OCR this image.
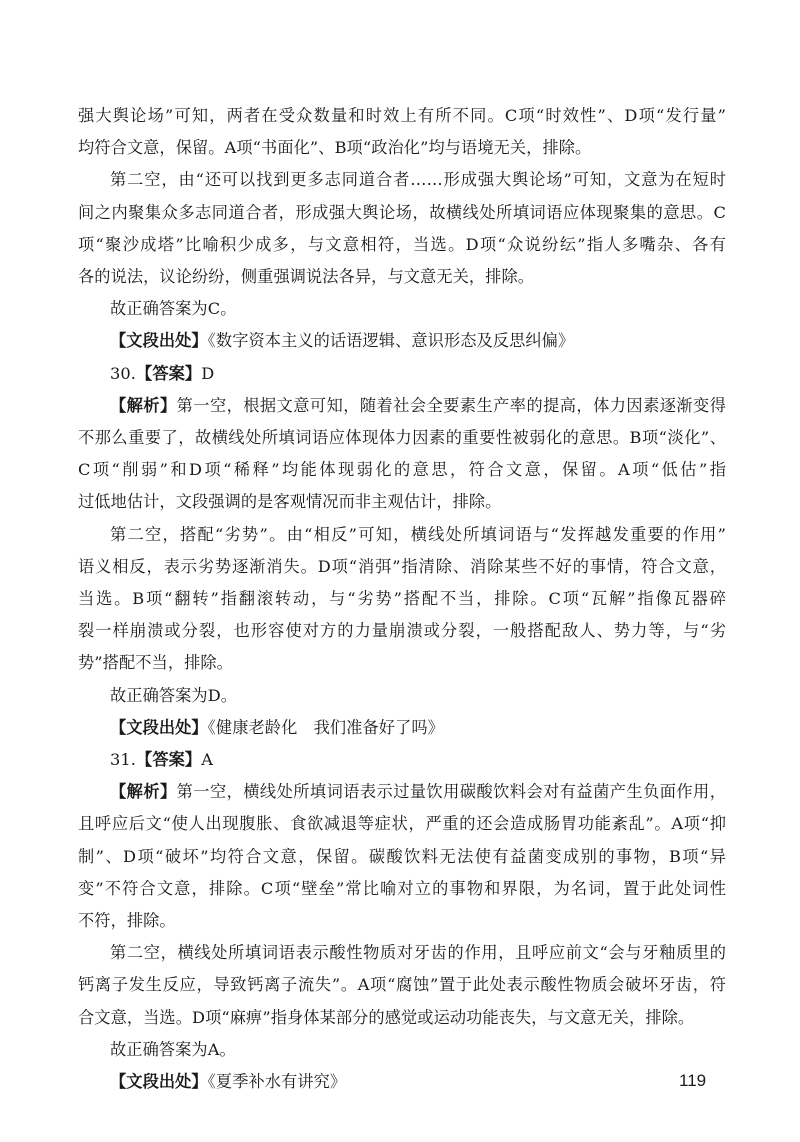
强大舆论场”可知，两者在受众数量和时效上有所不同。C项“时效性”、D项“发行量”

均符合文意，保留。A项“书面化”、B项“政治化”均与语境无关，排除。

第二空，由“还可以找到更多志同道合者……形成强大舆论场”可知，文意为在短时

间之内聚集众多志同道合者，形成强大舆论场，故横线处所填词语应体现聚集的意思。C

项“聚沙成塔”比喻积少成多，与文意相符，当选。D项“众说纷纭”指人多嘴杂、各有

各的说法，议论纷纷，侧重强调说法各异，与文意无关，排除。

故正确答案为C。

【文段出处】《数字资本主义的话语逻辑、意识形态及反思纠偏》

30.【答案】D

【解析】第一空，根据文意可知，随着社会全要素生产率的提高，体力因素逐渐变得

不那么重要了，故横线处所填词语应体现体力因素的重要性被弱化的意思。B项“淡化”、

C项“削弱”和D项“稀释”均能体现弱化的意思，符合文意，保留。A项“低估”指

过低地估计，文段强调的是客观情况而非主观估计，排除。

第二空，搭配“劣势”。由“相反”可知，横线处所填词语与“发挥越发重要的作用”

语义相反，表示劣势逐渐消失。D项“消弭”指清除、消除某些不好的事情，符合文意，

当选。B项“翻转”指翻滚转动，与“劣势”搭配不当，排除。C项“瓦解”指像瓦器碎

裂一样崩溃或分裂，也形容使对方的力量崩溃或分裂，一般搭配敌人、势力等，与“劣

势”搭配不当，排除。

故正确答案为D。

【文段出处】《健康老龄化　我们准备好了吗》

31.【答案】A

【解析】第一空，横线处所填词语表示过量饮用碳酸饮料会对有益菌产生负面作用，

且呼应后文“使人出现腹胀、食欲减退等症状，严重的还会造成肠胃功能紊乱”。A项“抑

制”、D项“破坏”均符合文意，保留。碳酸饮料无法使有益菌变成别的事物，B项“异

变”不符合文意，排除。C项“壁垒”常比喻对立的事物和界限，为名词，置于此处词性

不符，排除。

第二空，横线处所填词语表示酸性物质对牙齿的作用，且呼应前文“会与牙釉质里的

钙离子发生反应，导致钙离子流失”。A项“腐蚀”置于此处表示酸性物质会破坏牙齿，符

合文意，当选。D项“麻痹”指身体某部分的感觉或运动功能丧失，与文意无关，排除。

故正确答案为A。

【文段出处】《夏季补水有讲究》	119
